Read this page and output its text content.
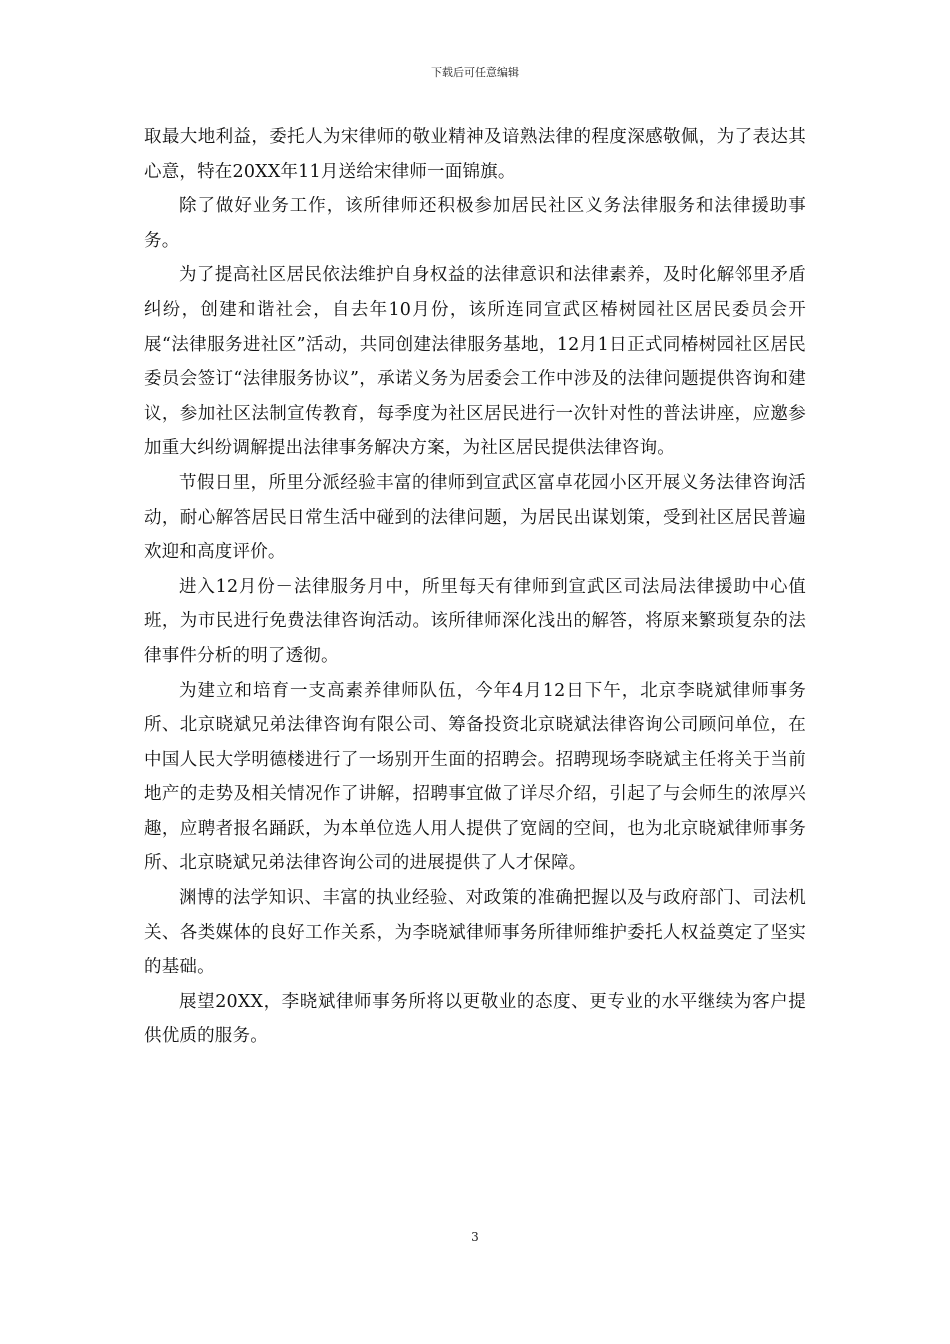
下载后可任意编辑

取最大地利益，委托人为宋律师的敬业精神及谙熟法律的程度深感敬佩，为了表达其心意，特在20XX年11月送给宋律师一面锦旗。

除了做好业务工作，该所律师还积极参加居民社区义务法律服务和法律援助事务。

为了提高社区居民依法维护自身权益的法律意识和法律素养，及时化解邻里矛盾纠纷，创建和谐社会，自去年10月份，该所连同宣武区椿树园社区居民委员会开展“法律服务进社区”活动，共同创建法律服务基地，12月1日正式同椿树园社区居民委员会签订“法律服务协议”，承诺义务为居委会工作中涉及的法律问题提供咨询和建议，参加社区法制宣传教育，每季度为社区居民进行一次针对性的普法讲座，应邀参加重大纠纷调解提出法律事务解决方案，为社区居民提供法律咨询。

节假日里，所里分派经验丰富的律师到宣武区富卓花园小区开展义务法律咨询活动，耐心解答居民日常生活中碰到的法律问题，为居民出谋划策，受到社区居民普遍欢迎和高度评价。

进入12月份－法律服务月中，所里每天有律师到宣武区司法局法律援助中心值班，为市民进行免费法律咨询活动。该所律师深化浅出的解答，将原来繁琐复杂的法律事件分析的明了透彻。

为建立和培育一支高素养律师队伍，今年4月12日下午，北京李晓斌律师事务所、北京晓斌兄弟法律咨询有限公司、筹备投资北京晓斌法律咨询公司顾问单位，在中国人民大学明德楼进行了一场别开生面的招聘会。招聘现场李晓斌主任将关于当前地产的走势及相关情况作了讲解，招聘事宜做了详尽介绍，引起了与会师生的浓厚兴趣，应聘者报名踊跃，为本单位选人用人提供了宽阔的空间，也为北京晓斌律师事务所、北京晓斌兄弟法律咨询公司的进展提供了人才保障。

渊博的法学知识、丰富的执业经验、对政策的准确把握以及与政府部门、司法机关、各类媒体的良好工作关系，为李晓斌律师事务所律师维护委托人权益奠定了坚实的基础。

展望20XX，李晓斌律师事务所将以更敬业的态度、更专业的水平继续为客户提供优质的服务。

3
